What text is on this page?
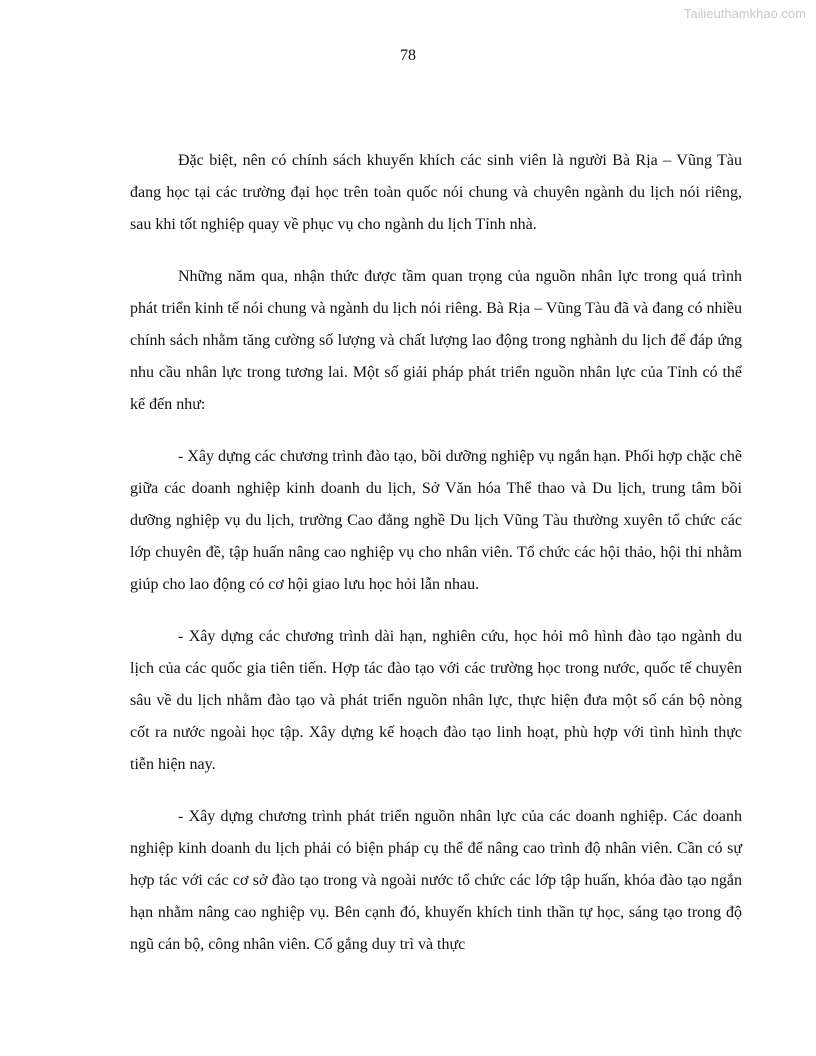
Tailieuthamkhao.com
78

Đặc biệt, nên có chính sách khuyến khích các sinh viên là người Bà Rịa – Vũng Tàu đang học tại các trường đại học trên toàn quốc nói chung và chuyên ngành du lịch nói riêng, sau khi tốt nghiệp quay về phục vụ cho ngành du lịch Tỉnh nhà.

Những năm qua, nhận thức được tầm quan trọng của nguồn nhân lực trong quá trình phát triển kinh tế nói chung và ngành du lịch nói riêng. Bà Rịa – Vũng Tàu đã và đang có nhiều chính sách nhằm tăng cường số lượng và chất lượng lao động trong nghành du lịch để đáp ứng nhu cầu nhân lực trong tương lai. Một số giải pháp phát triển nguồn nhân lực của Tỉnh có thể kể đến như:

- Xây dựng các chương trình đào tạo, bồi dưỡng nghiệp vụ ngắn hạn. Phối hợp chặc chẽ giữa các doanh nghiệp kinh doanh du lịch, Sở Văn hóa Thể thao và Du lịch, trung tâm bồi dưỡng nghiệp vụ du lịch, trường Cao đẳng nghề Du lịch Vũng Tàu thường xuyên tổ chức các lớp chuyên đề, tập huấn nâng cao nghiệp vụ cho nhân viên. Tổ chức các hội thảo, hội thi nhằm giúp cho lao động có cơ hội giao lưu học hỏi lẫn nhau.

- Xây dựng các chương trình dài hạn, nghiên cứu, học hỏi mô hình đào tạo ngành du lịch của các quốc gia tiên tiến. Hợp tác đào tạo với các trường học trong nước, quốc tế chuyên sâu về du lịch nhằm đào tạo và phát triển nguồn nhân lực, thực hiện đưa một số cán bộ nòng cốt ra nước ngoài học tập. Xây dựng kế hoạch đào tạo linh hoạt, phù hợp với tình hình thực tiễn hiện nay.

- Xây dựng chương trình phát triển nguồn nhân lực của các doanh nghiệp. Các doanh nghiệp kinh doanh du lịch phải có biện pháp cụ thể để nâng cao trình độ nhân viên. Cần có sự hợp tác với các cơ sở đào tạo trong và ngoài nước tổ chức các lớp tập huấn, khóa đào tạo ngắn hạn nhằm nâng cao nghiệp vụ. Bên cạnh đó, khuyến khích tinh thần tự học, sáng tạo trong độ ngũ cán bộ, công nhân viên. Cố gắng duy trì và thực
